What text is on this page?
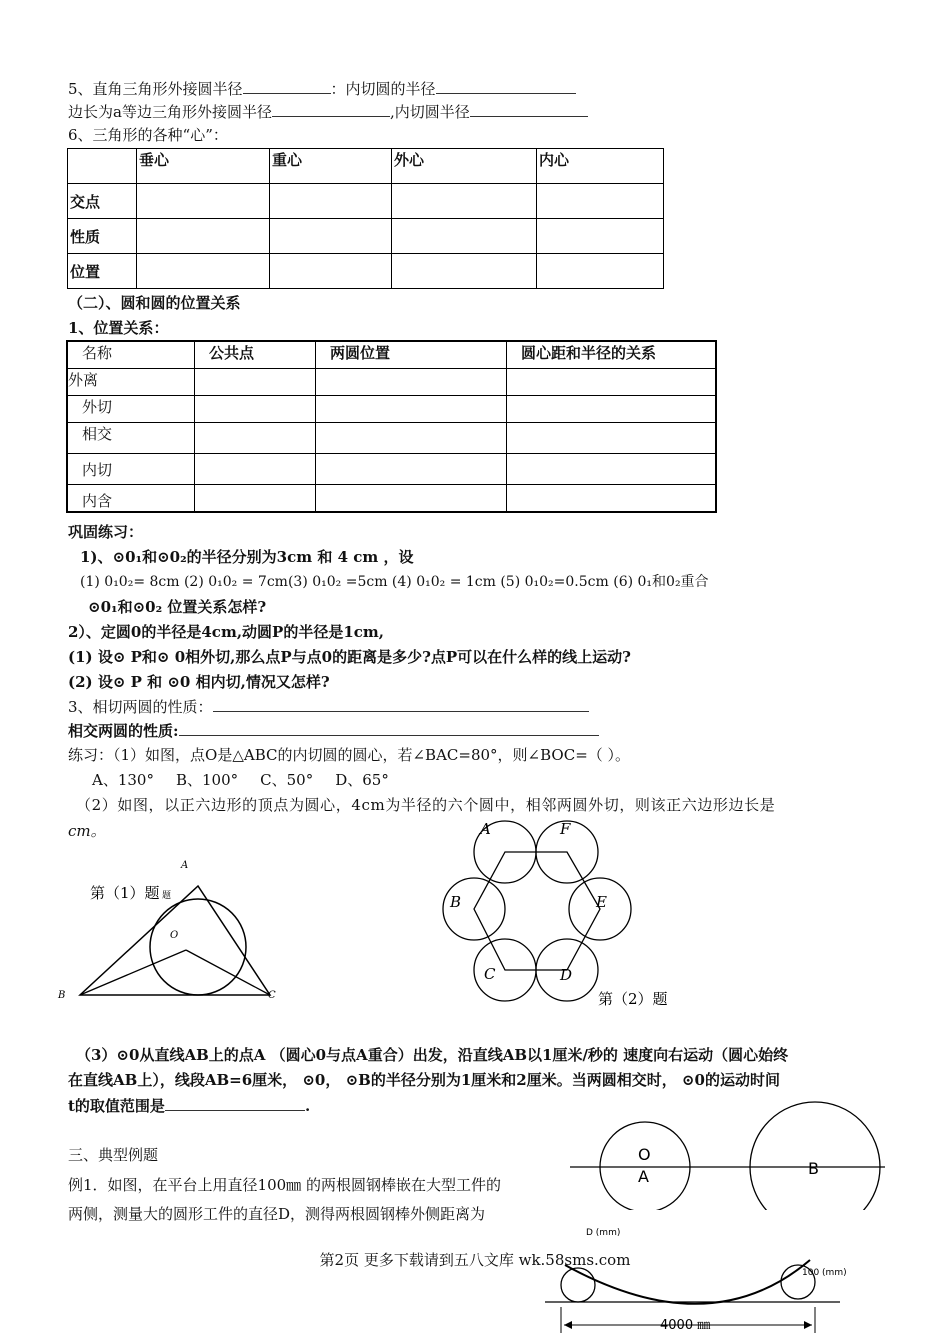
5、直角三角形外接圆半径	：内切圆的半径
边长为a等边三角形外接圆半径	,内切圆半径
6、三角形的各种“心”：
	垂心	重心	外心	内心
交点				
性质				
位置				
（二）、圆和圆的位置关系
1、位置关系：
名称	公共点	两圆位置	圆心距和半径的关系
外离			
外切			
相交			
内切			
内含			
巩固练习：
1)、⊙0₁和⊙0₂的半径分别为3cm 和 4 cm ，设
(1) 0₁0₂= 8cm (2) 0₁0₂ = 7cm(3) 0₁0₂ =5cm (4) 0₁0₂ = 1cm (5) 0₁0₂=0.5cm (6) 0₁和0₂重合
⊙0₁和⊙0₂ 位置关系怎样?
2）、定圆0的半径是4cm,动圆P的半径是1cm,
(1) 设⊙ P和⊙ 0相外切,那么点P与点0的距离是多少?点P可以在什么样的线上运动?
(2) 设⊙ P 和 ⊙0 相内切,情况又怎样?
3、相切两圆的性质：
相交两圆的性质:
练习：（1）如图，点O是△ABC的内切圆的圆心，若∠BAC=80°，则∠BOC=（ ）。
A、130° B、100° C、50° D、65°
（2）如图，以正六边形的顶点为圆心，4cm为半径的六个圆中，相邻两圆外切，则该正六边形边长是
cm。
A
B	C
O
第（1）题 题
A	F
B	E
C	D
第（2）题
（3）⊙0从直线AB上的点A （圆心0与点A重合）出发，沿直线AB以1厘米/秒的 速度向右运动（圆心始终
在直线AB上），线段AB=6厘米， ⊙0， ⊙B的半径分别为1厘米和2厘米。当两圆相交时， ⊙0的运动时间
t的取值范围是	.
O
A	B
三、典型例题
例1．如图，在平台上用直径100㎜ 的两根圆钢棒嵌在大型工件的
两侧，测量大的圆形工件的直径D，测得两根圆钢棒外侧距离为
D (mm)
100 (mm)
4000 ㎜
第2页 更多下载请到五八文库 wk.58sms.com
